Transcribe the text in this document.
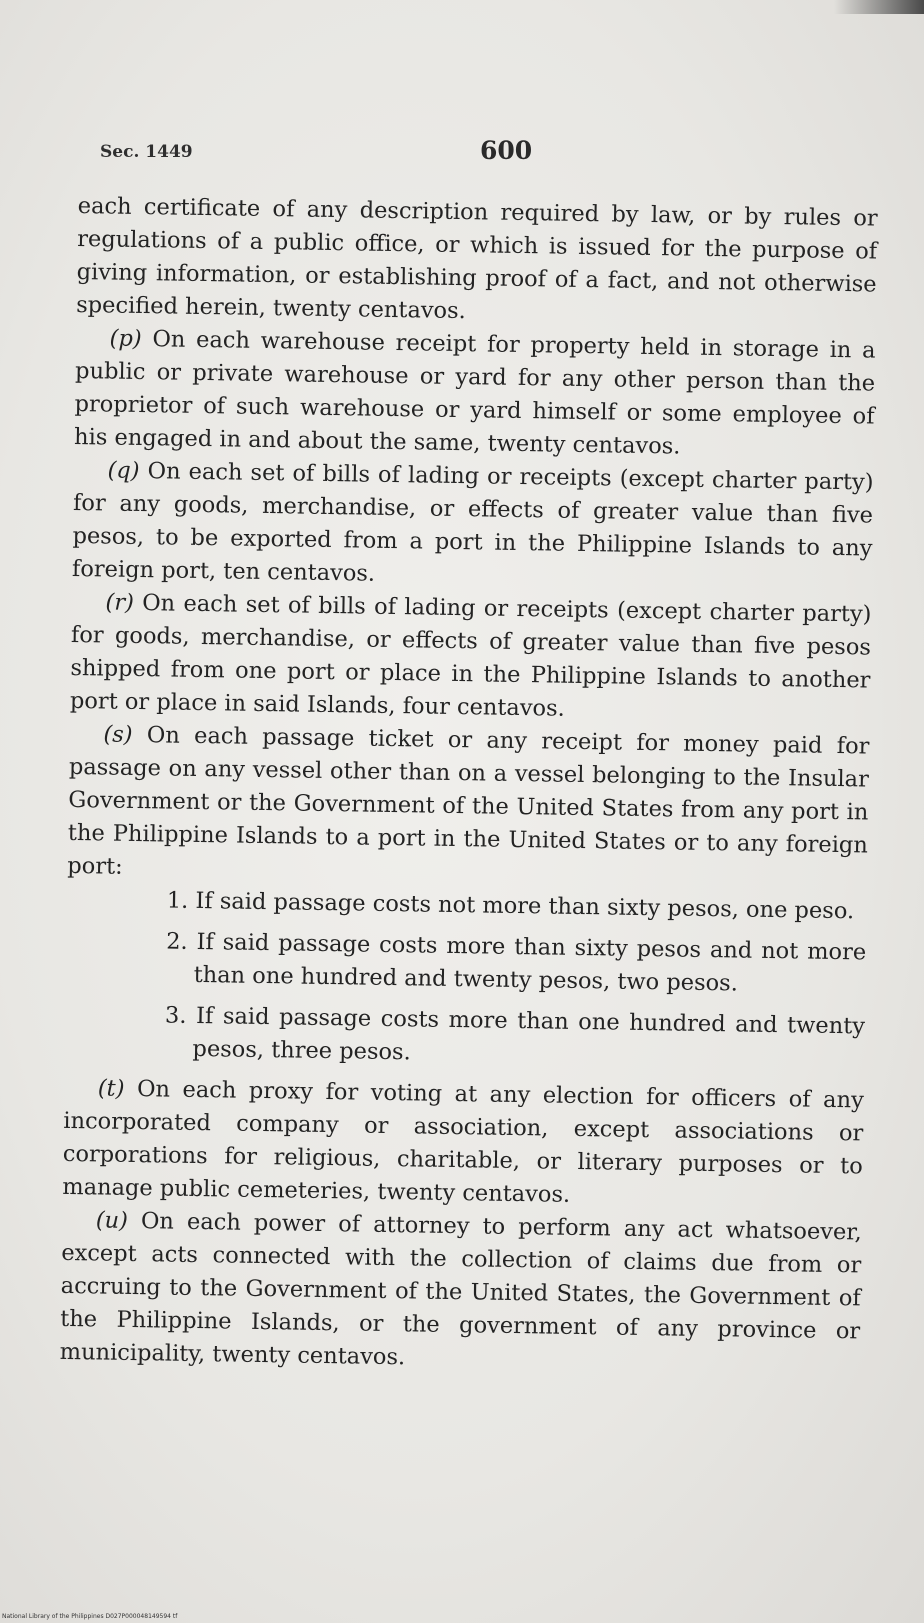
Sec. 1449	600

each certificate of any description required by law, or by rules or regulations of a public office, or which is issued for the purpose of giving information, or establishing proof of a fact, and not otherwise specified herein, twenty centavos.

(p) On each warehouse receipt for property held in storage in a public or private warehouse or yard for any other person than the proprietor of such warehouse or yard himself or some employee of his engaged in and about the same, twenty centavos.

(q) On each set of bills of lading or receipts (except charter party) for any goods, merchandise, or effects of greater value than five pesos, to be exported from a port in the Philippine Islands to any foreign port, ten centavos.

(r) On each set of bills of lading or receipts (except charter party) for goods, merchandise, or effects of greater value than five pesos shipped from one port or place in the Philippine Islands to another port or place in said Islands, four centavos.

(s) On each passage ticket or any receipt for money paid for passage on any vessel other than on a vessel belonging to the Insular Government or the Government of the United States from any port in the Philippine Islands to a port in the United States or to any foreign port:

1. If said passage costs not more than sixty pesos, one peso.
2. If said passage costs more than sixty pesos and not more than one hundred and twenty pesos, two pesos.
3. If said passage costs more than one hundred and twenty pesos, three pesos.

(t) On each proxy for voting at any election for officers of any incorporated company or association, except associations or corporations for religious, charitable, or literary purposes or to manage public cemeteries, twenty centavos.

(u) On each power of attorney to perform any act whatsoever, except acts connected with the collection of claims due from or accruing to the Government of the United States, the Government of the Philippine Islands, or the government of any province or municipality, twenty centavos.

National Library of the Philippines D027P000048149594 tf
